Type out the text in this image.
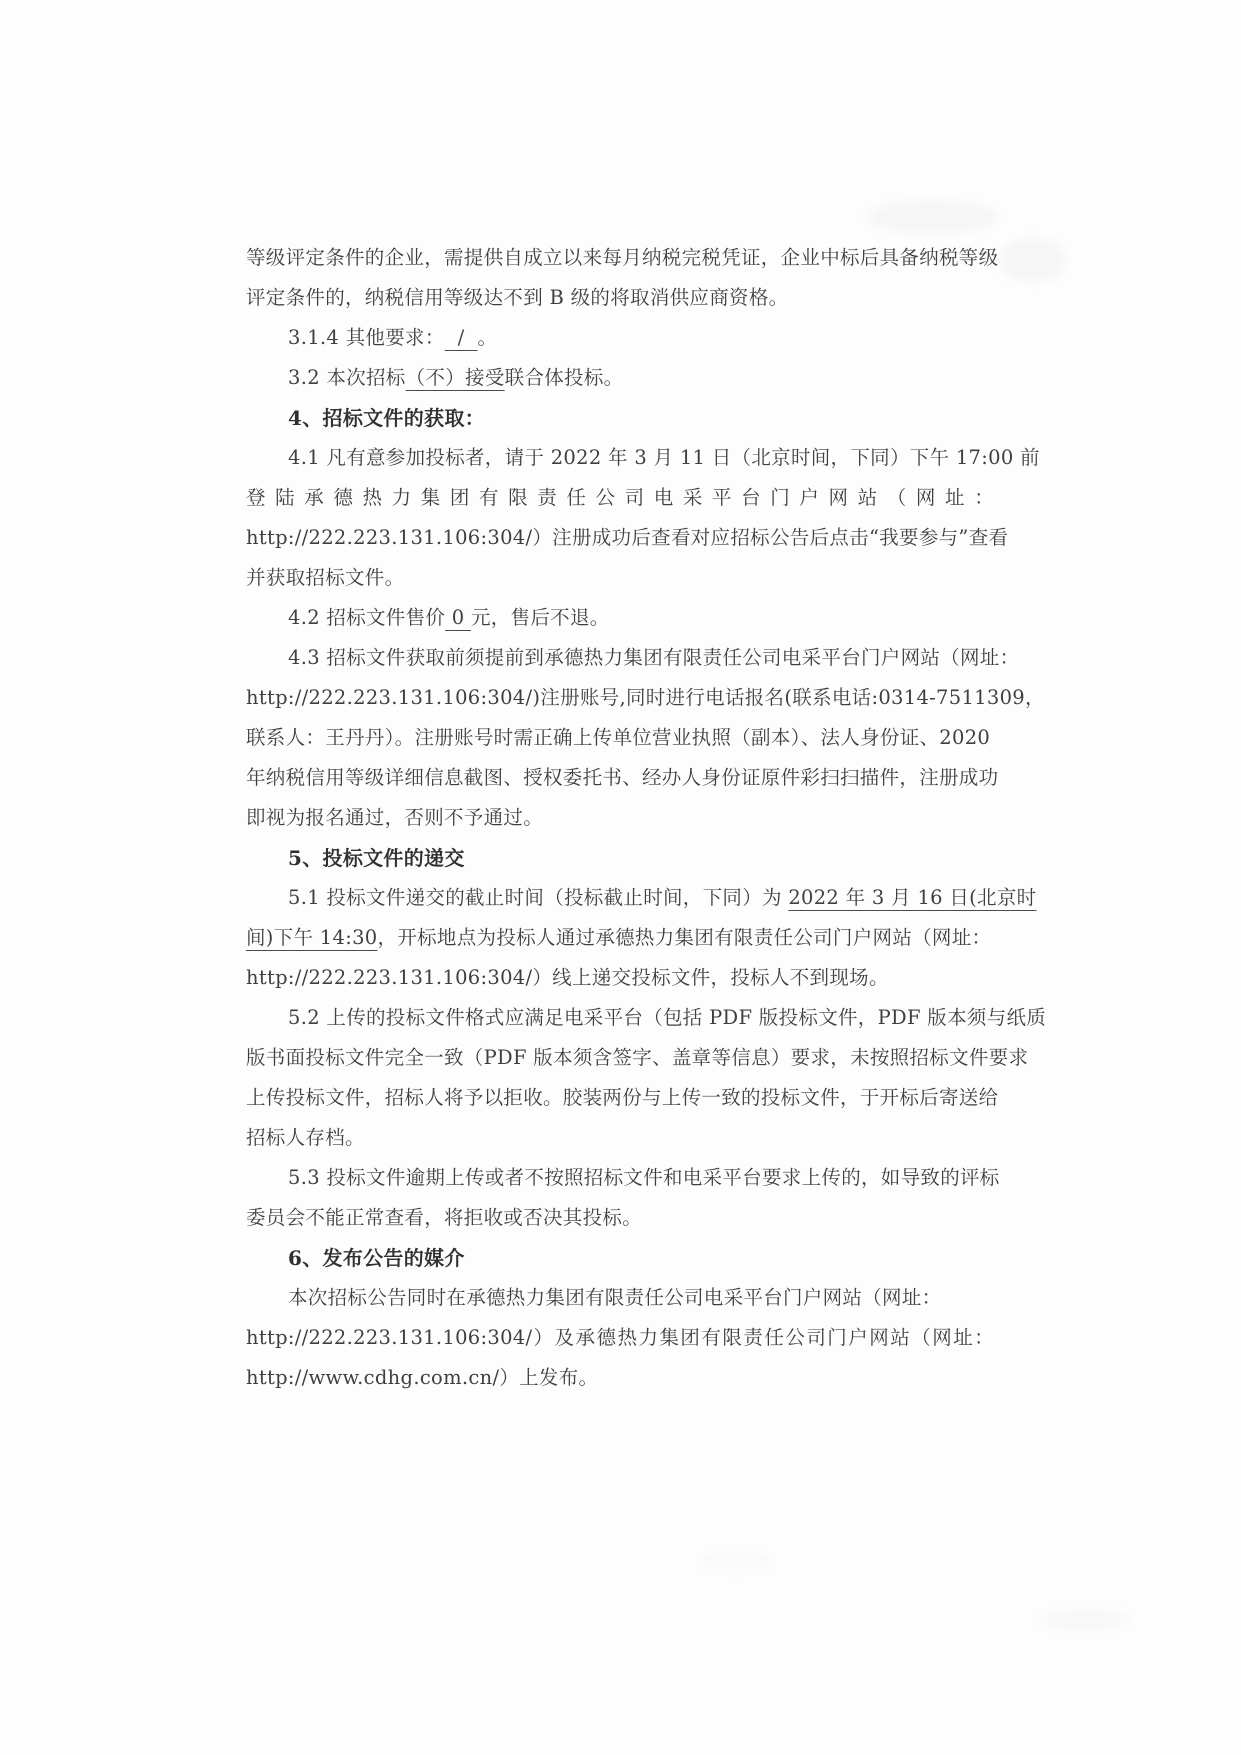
等级评定条件的企业，需提供自成立以来每月纳税完税凭证，企业中标后具备纳税等级
评定条件的，纳税信用等级达不到 B 级的将取消供应商资格。
3.1.4 其他要求：  /  。
3.2 本次招标（不）接受联合体投标。
4、招标文件的获取：
4.1 凡有意参加投标者，请于 2022 年 3 月 11 日（北京时间，下同）下午 17:00 前
登陆承德热力集团有限责任公司电采平台门户网站（网址：
http://222.223.131.106:304/）注册成功后查看对应招标公告后点击“我要参与”查看
并获取招标文件。
4.2 招标文件售价 0 元，售后不退。
4.3 招标文件获取前须提前到承德热力集团有限责任公司电采平台门户网站（网址：
http://222.223.131.106:304/)注册账号,同时进行电话报名(联系电话:0314-7511309，
联系人：王丹丹）。注册账号时需正确上传单位营业执照（副本）、法人身份证、2020
年纳税信用等级详细信息截图、授权委托书、经办人身份证原件彩扫扫描件，注册成功
即视为报名通过，否则不予通过。
5、投标文件的递交
5.1 投标文件递交的截止时间（投标截止时间，下同）为 2022 年 3 月 16 日(北京时
间)下午 14:30，开标地点为投标人通过承德热力集团有限责任公司门户网站（网址：
http://222.223.131.106:304/）线上递交投标文件，投标人不到现场。
5.2 上传的投标文件格式应满足电采平台（包括 PDF 版投标文件，PDF 版本须与纸质
版书面投标文件完全一致（PDF 版本须含签字、盖章等信息）要求，未按照招标文件要求
上传投标文件，招标人将予以拒收。胶装两份与上传一致的投标文件，于开标后寄送给
招标人存档。
5.3 投标文件逾期上传或者不按照招标文件和电采平台要求上传的，如导致的评标
委员会不能正常查看，将拒收或否决其投标。
6、发布公告的媒介
本次招标公告同时在承德热力集团有限责任公司电采平台门户网站（网址：
http://222.223.131.106:304/）及承德热力集团有限责任公司门户网站（网址：
http://www.cdhg.com.cn/）上发布。
